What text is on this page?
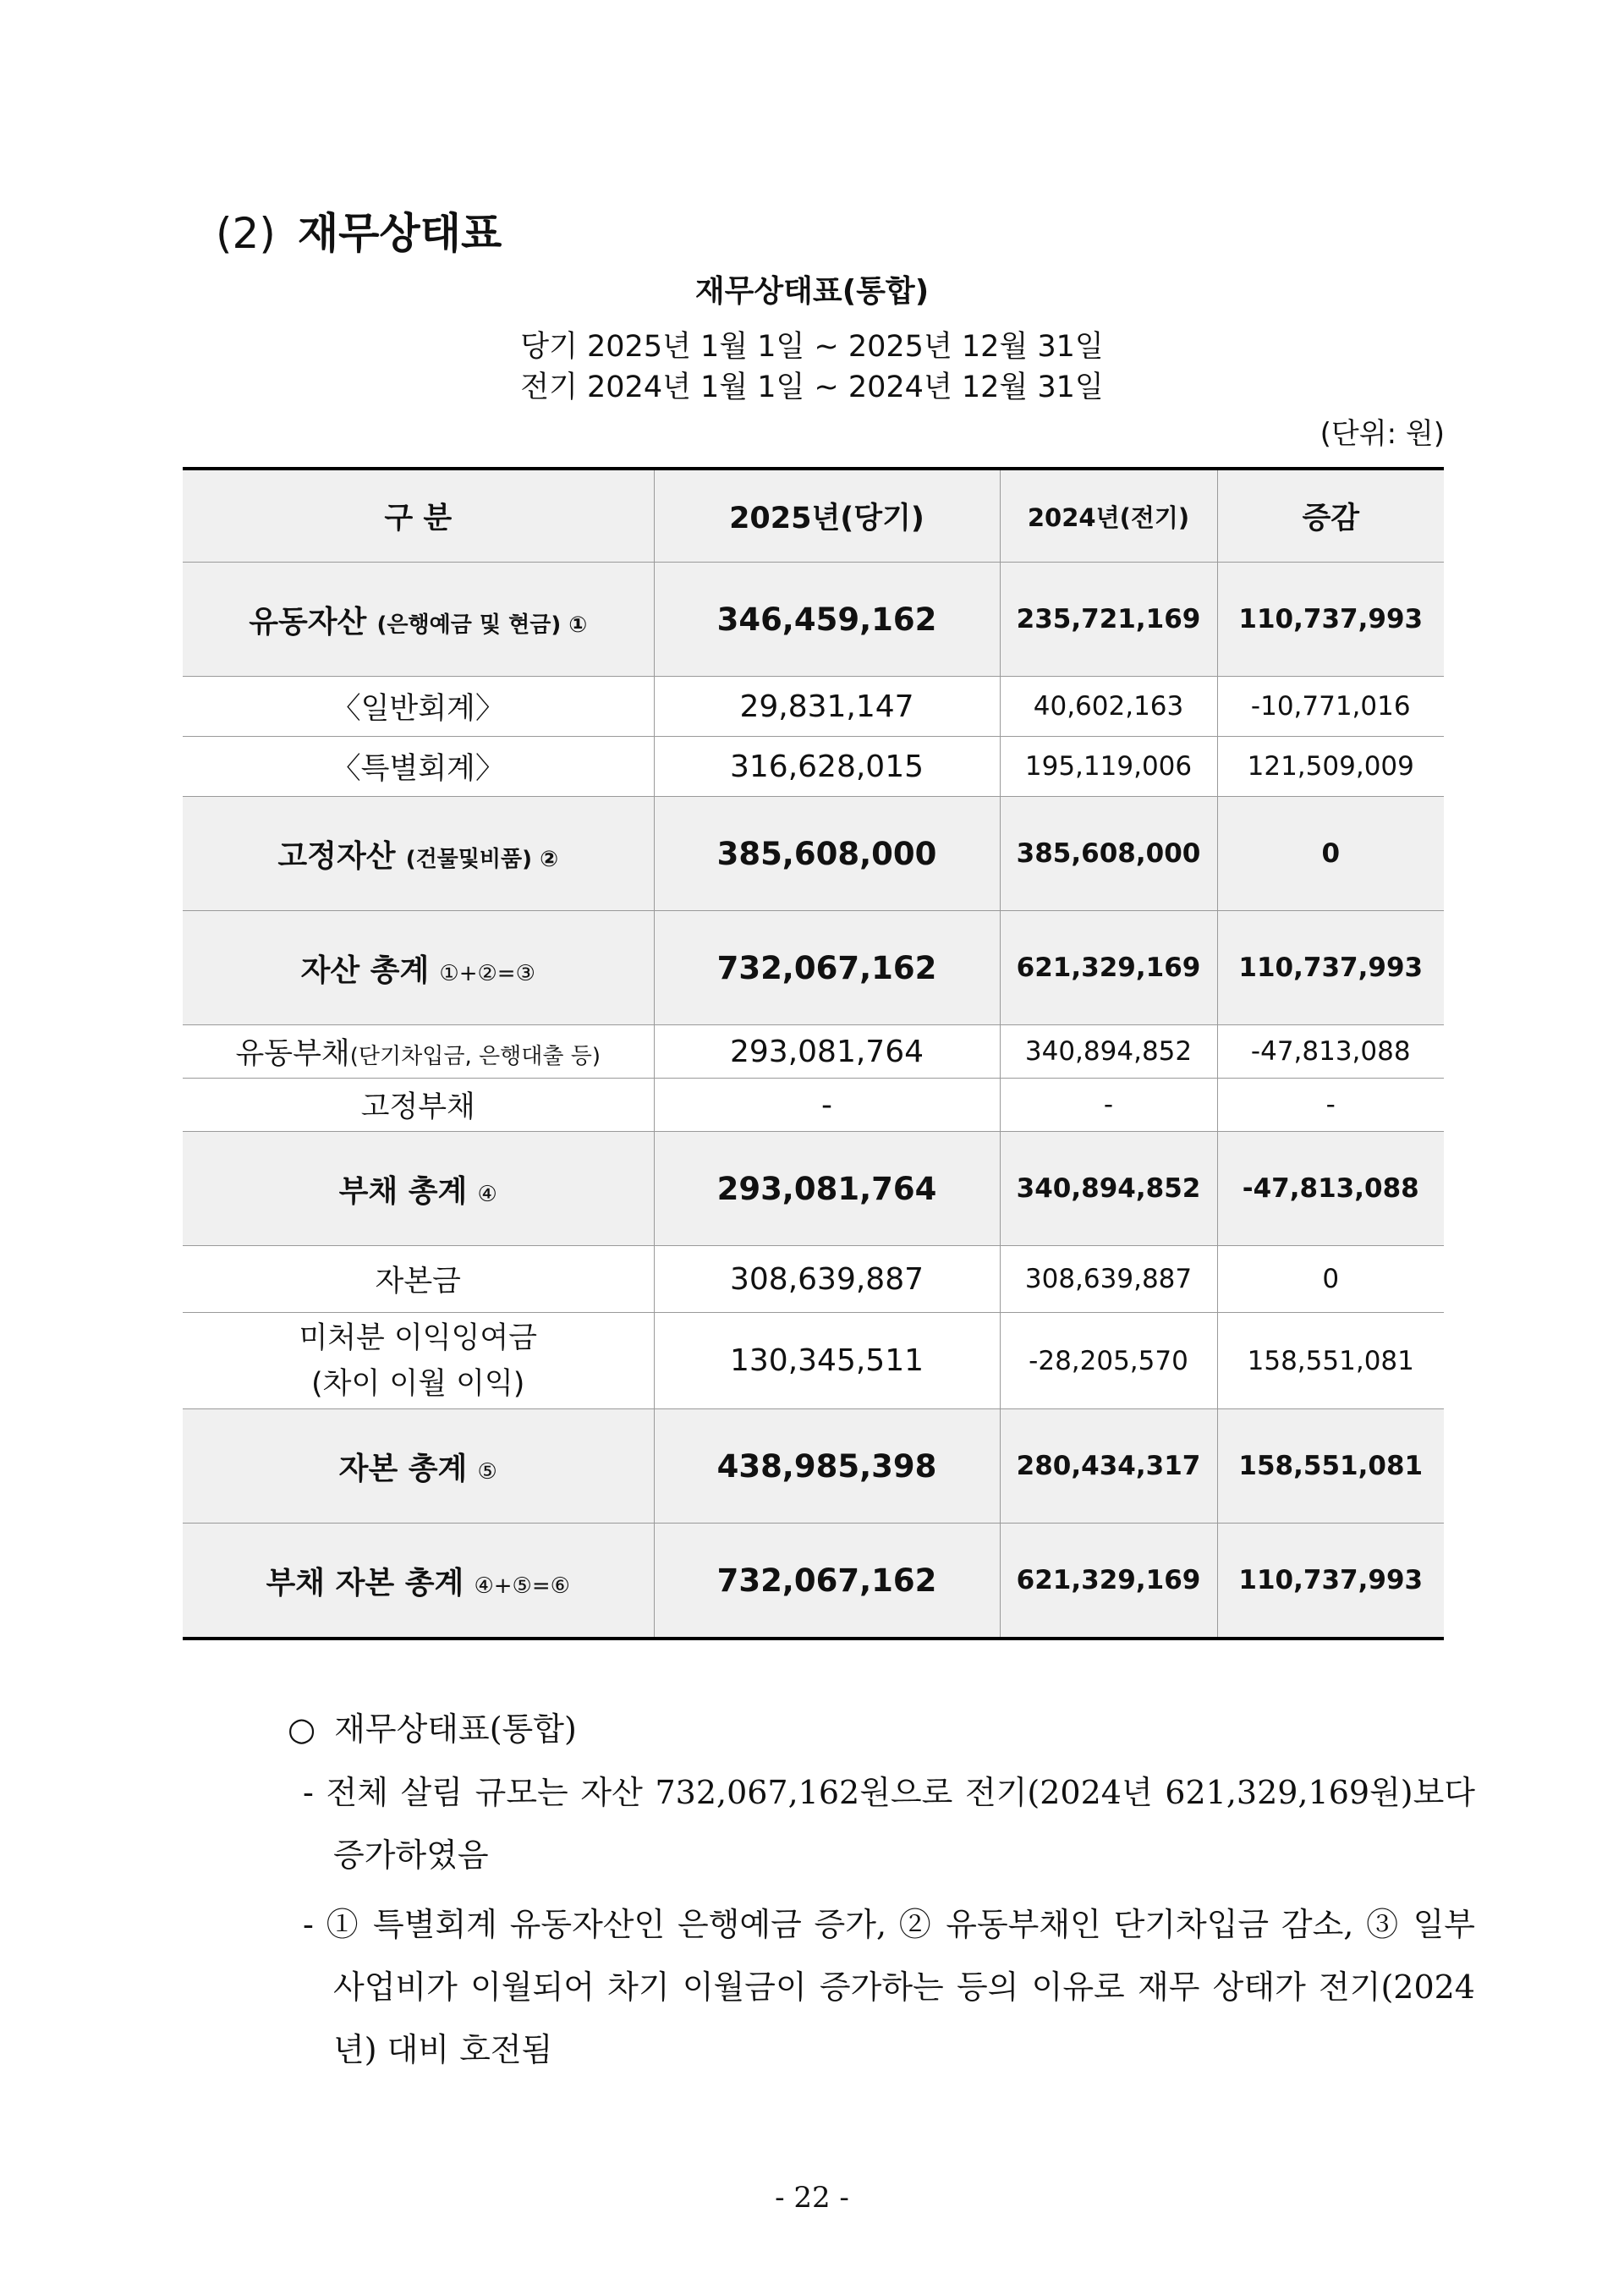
(2) 재무상태표
재무상태표(통합)
당기 2025년 1월 1일 ~ 2025년 12월 31일
전기 2024년 1월 1일 ~ 2024년 12월 31일
(단위: 원)
구 분	2025년(당기)	2024년(전기)	증감
유동자산 (은행예금 및 현금) ①	346,459,162	235,721,169	110,737,993
〈일반회계〉	29,831,147	40,602,163	-10,771,016
〈특별회계〉	316,628,015	195,119,006	121,509,009
고정자산 (건물및비품) ②	385,608,000	385,608,000	0
자산 총계 ①+②=③	732,067,162	621,329,169	110,737,993
유동부채(단기차입금, 은행대출 등)	293,081,764	340,894,852	-47,813,088
고정부채	-	-	-
부채 총계 ④	293,081,764	340,894,852	-47,813,088
자본금	308,639,887	308,639,887	0
미처분 이익잉여금
(차이 이월 이익)	130,345,511	-28,205,570	158,551,081
자본 총계 ⑤	438,985,398	280,434,317	158,551,081
부채 자본 총계 ④+⑤=⑥	732,067,162	621,329,169	110,737,993
○ 재무상태표(통합)
- 전체 살림 규모는 자산 732,067,162원으로 전기(2024년 621,329,169원)보다 증가하였음
- ① 특별회계 유동자산인 은행예금 증가, ② 유동부채인 단기차입금 감소, ③ 일부 사업비가 이월되어 차기 이월금이 증가하는 등의 이유로 재무 상태가 전기(2024년) 대비 호전됨
- 22 -
